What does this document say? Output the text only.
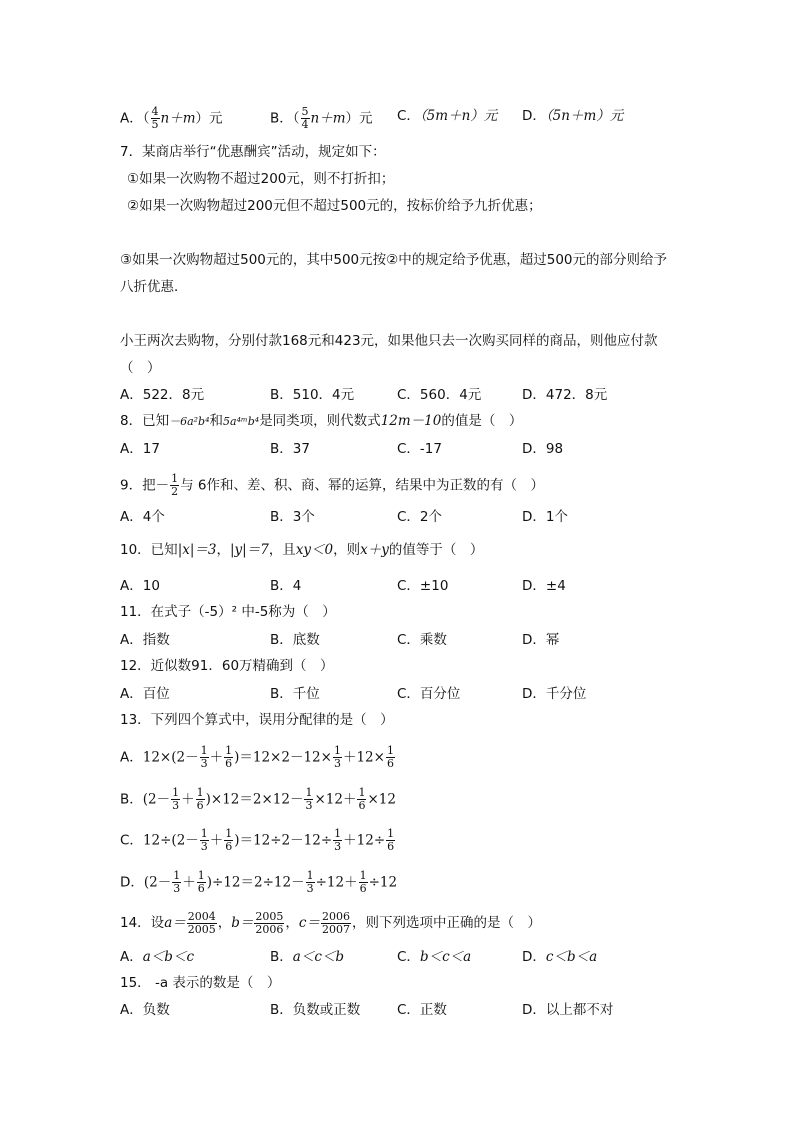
A．（ $\frac{4}{5} n+m$）元	B．（ $\frac{5}{4} n+m$）元 C．（5m＋n）元 D．（5n＋m）元
7．某商店举行“优惠酬宾”活动，规定如下：
①如果一次购物不超过200元，则不打折扣；
②如果一次购物超过200元但不超过500元的，按标价给予九折优惠；
③如果一次购物超过500元的，其中500元按②中的规定给予优惠，超过500元的部分则给予
八折优惠．
小王两次去购物，分别付款168元和423元，如果他只去一次购买同样的商品，则他应付款
（　）
A．522．8元	B．510．4元	C．560．4元	D．472．8元
8．已知－6a²b⁴和5a⁴ᵐb⁴是同类项，则代数式12m－10的值是（　）
A．17	B．37	C．-17	D．98
9．把－ $\frac{1}{2}$ 与 6作和、差、积、商、幂的运算，结果中为正数的有（　）
A．4个	B．3个	C．2个	D．1个
10．已知|x|＝3，|y|＝7，且xy＜0，则x＋y的值等于（　）
A．10	B．4	C．±10	D．±4
11．在式子（-5）² 中-5称为（　）
A．指数	B．底数	C．乘数	D．幂
12．近似数91．60万精确到（　）
A．百位	B．千位	C．百分位	D．千分位
13．下列四个算式中，误用分配律的是（　）
A．$12\times(2- \frac{1}{3} + \frac{1}{6} )=12\times 2-12\times \frac{1}{3} +12\times \frac{1}{6}$
B．$(2- \frac{1}{3} + \frac{1}{6} )\times 12=2\times 12- \frac{1}{3} \times 12+ \frac{1}{6} \times 12$
C．$12\div(2- \frac{1}{3} + \frac{1}{6} )=12\div 2-12\div \frac{1}{3} +12\div \frac{1}{6}$
D．$(2- \frac{1}{3} + \frac{1}{6} )\div 12=2\div 12- \frac{1}{3} \div 12+ \frac{1}{6} \div 12$
14．设$a= \frac{2004}{2005}$ ，$b= \frac{2005}{2006}$ ，$c= \frac{2006}{2007}$ ，则下列选项中正确的是（　）
A．a＜b＜c	B．a＜c＜b	C．b＜c＜a	D．c＜b＜a
15． -a 表示的数是（　）
A．负数	B．负数或正数	C．正数	D．以上都不对
